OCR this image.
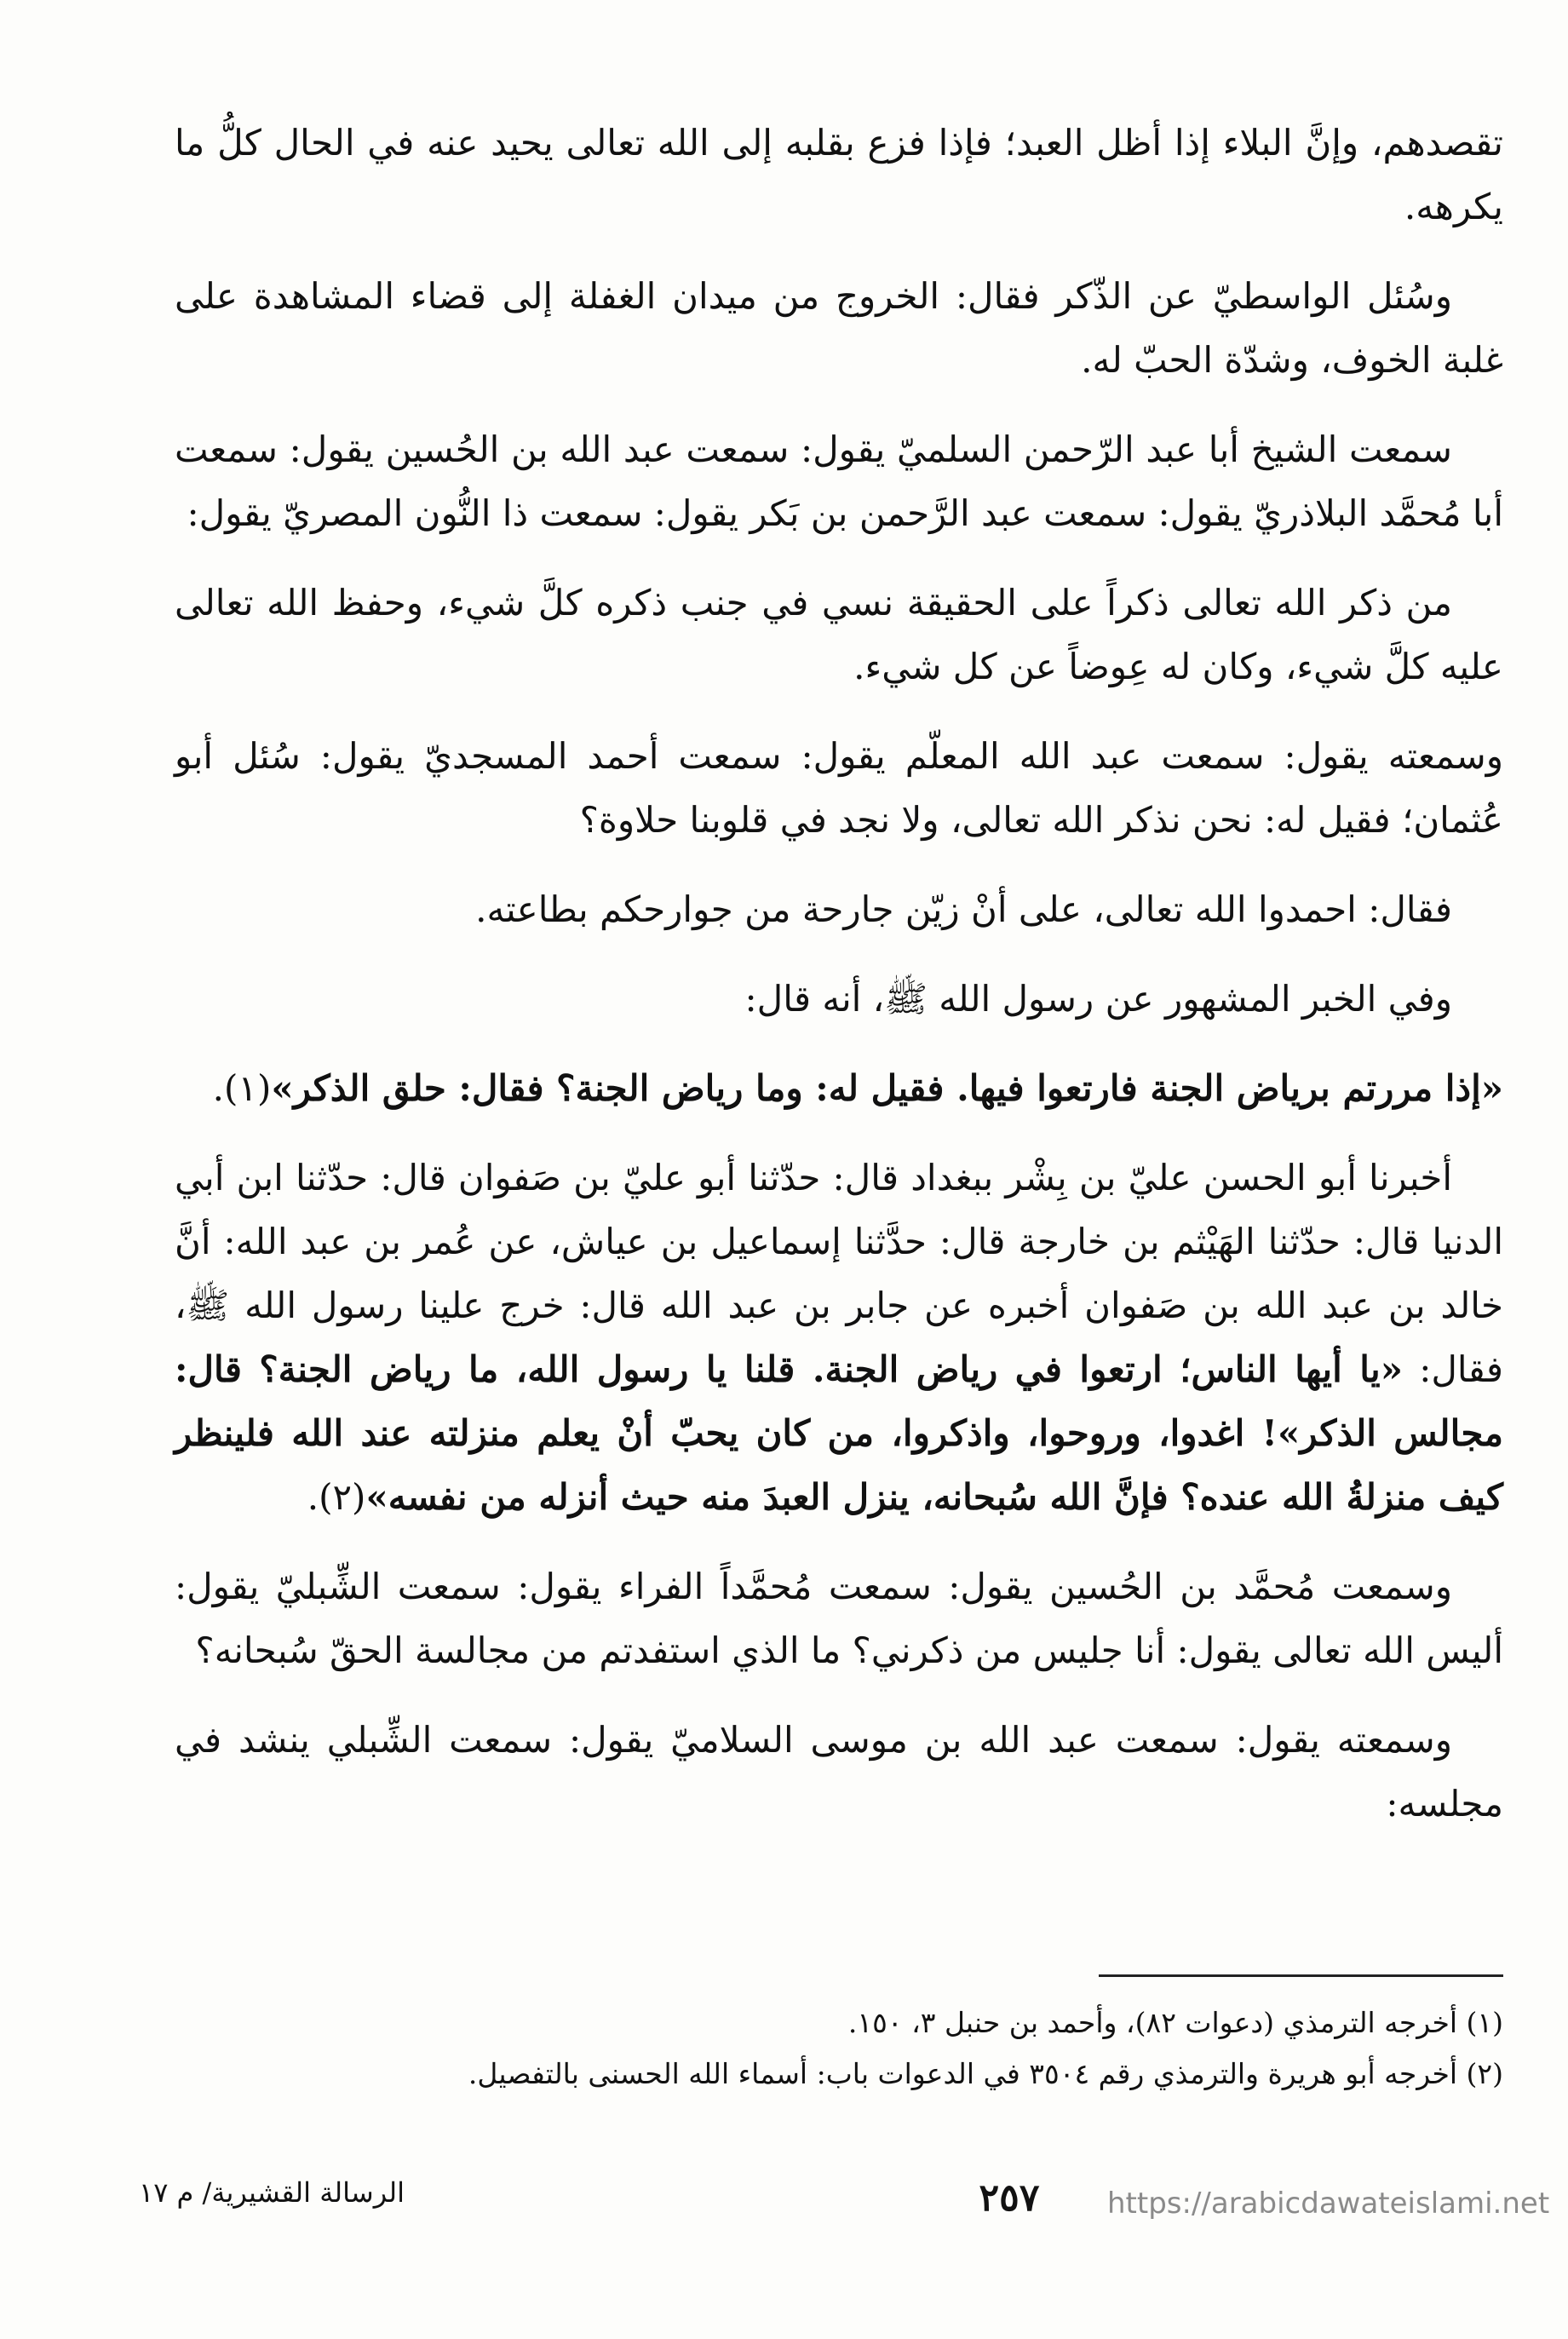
تقصدهم، وإنَّ البلاء إذا أظل العبد؛ فإذا فزع بقلبه إلى الله تعالى يحيد عنه في الحال كلُّ ما يكرهه.

وسُئل الواسطيّ عن الذّكر فقال: الخروج من ميدان الغفلة إلى قضاء المشاهدة على غلبة الخوف، وشدّة الحبّ له.

سمعت الشيخ أبا عبد الرّحمن السلميّ يقول: سمعت عبد الله بن الحُسين يقول: سمعت أبا مُحمَّد البلاذريّ يقول: سمعت عبد الرَّحمن بن بَكر يقول: سمعت ذا النُّون المصريّ يقول:

من ذكر الله تعالى ذكراً على الحقيقة نسي في جنب ذكره كلَّ شيء، وحفظ الله تعالى عليه كلَّ شيء، وكان له عِوضاً عن كل شيء.

وسمعته يقول: سمعت عبد الله المعلّم يقول: سمعت أحمد المسجديّ يقول: سُئل أبو عُثمان؛ فقيل له: نحن نذكر الله تعالى، ولا نجد في قلوبنا حلاوة؟

فقال: احمدوا الله تعالى، على أنْ زيّن جارحة من جوارحكم بطاعته.

وفي الخبر المشهور عن رسول الله ﷺ، أنه قال:

«إذا مررتم برياض الجنة فارتعوا فيها. فقيل له: وما رياض الجنة؟ فقال: حلق الذكر»(١).

أخبرنا أبو الحسن عليّ بن بِشْر ببغداد قال: حدّثنا أبو عليّ بن صَفوان قال: حدّثنا ابن أبي الدنيا قال: حدّثنا الهَيْثم بن خارجة قال: حدَّثنا إسماعيل بن عياش، عن عُمر بن عبد الله: أنَّ خالد بن عبد الله بن صَفوان أخبره عن جابر بن عبد الله قال: خرج علينا رسول الله ﷺ، فقال: «يا أيها الناس؛ ارتعوا في رياض الجنة. قلنا يا رسول الله، ما رياض الجنة؟ قال: مجالس الذكر»! اغدوا، وروحوا، واذكروا، من كان يحبّ أنْ يعلم منزلته عند الله فلينظر كيف منزلةُ الله عنده؟ فإنَّ الله سُبحانه، ينزل العبدَ منه حيث أنزله من نفسه»(٢).

وسمعت مُحمَّد بن الحُسين يقول: سمعت مُحمَّداً الفراء يقول: سمعت الشِّبليّ يقول: أليس الله تعالى يقول: أنا جليس من ذكرني؟ ما الذي استفدتم من مجالسة الحقّ سُبحانه؟

وسمعته يقول: سمعت عبد الله بن موسى السلاميّ يقول: سمعت الشِّبلي ينشد في مجلسه:

(١) أخرجه الترمذي (دعوات ٨٢)، وأحمد بن حنبل ٣، ١٥٠.

(٢) أخرجه أبو هريرة والترمذي رقم ٣٥٠٤ في الدعوات باب: أسماء الله الحسنى بالتفصيل.

الرسالة القشيرية/ م ١٧	٢٥٧	https://arabicdawateislami.net
